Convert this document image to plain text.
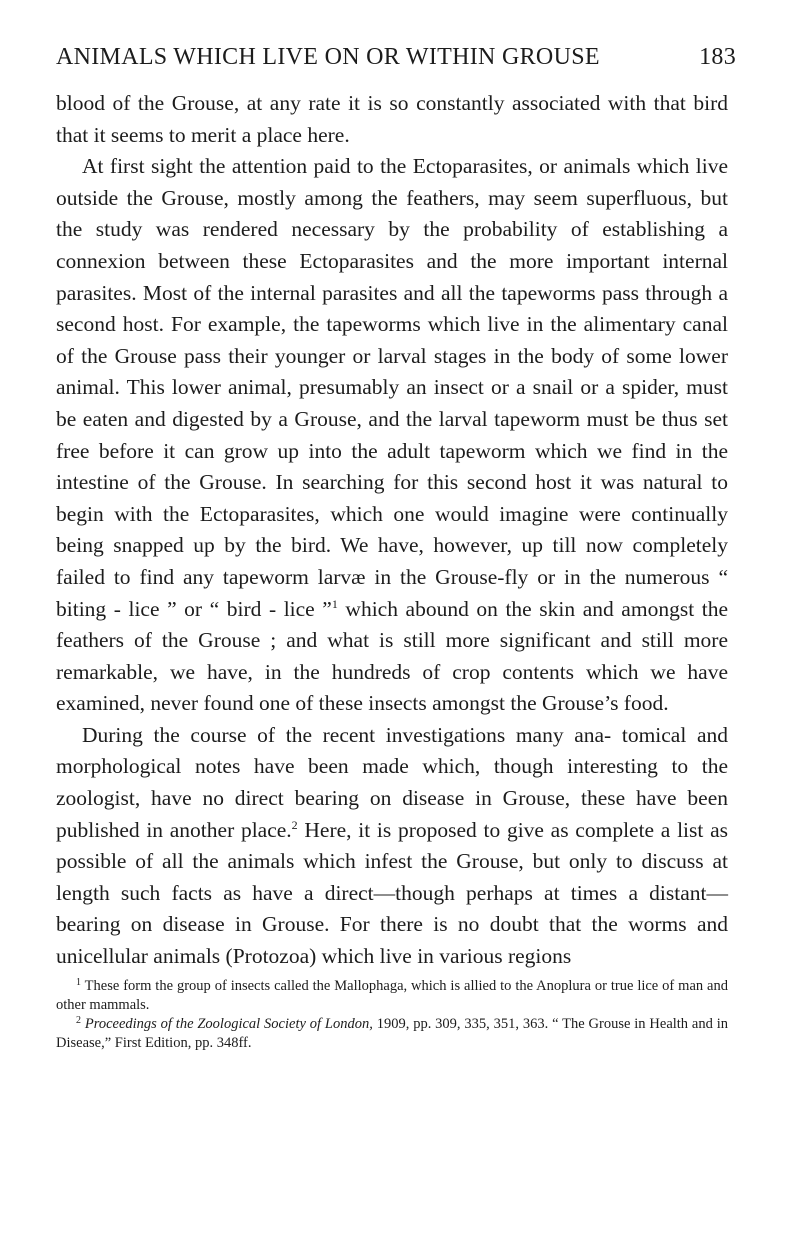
ANIMALS WHICH LIVE ON OR WITHIN GROUSE	183

blood of the Grouse, at any rate it is so constantly associated with that bird that it seems to merit a place here.

At first sight the attention paid to the Ectoparasites, or animals which live outside the Grouse, mostly among the feathers, may seem superfluous, but the study was rendered necessary by the probability of establishing a connexion between these Ectoparasites and the more important internal parasites. Most of the internal parasites and all the tapeworms pass through a second host. For example, the tapeworms which live in the alimentary canal of the Grouse pass their younger or larval stages in the body of some lower animal. This lower animal, presumably an insect or a snail or a spider, must be eaten and digested by a Grouse, and the larval tapeworm must be thus set free before it can grow up into the adult tapeworm which we find in the intestine of the Grouse. In searching for this second host it was natural to begin with the Ectoparasites, which one would imagine were continually being snapped up by the bird. We have, however, up till now completely failed to find any tapeworm larvæ in the Grouse-fly or in the numerous “ biting - lice ” or “ bird - lice ”$^1$ which abound on the skin and amongst the feathers of the Grouse ; and what is still more significant and still more remarkable, we have, in the hundreds of crop contents which we have examined, never found one of these insects amongst the Grouse’s food.

During the course of the recent investigations many ana- tomical and morphological notes have been made which, though interesting to the zoologist, have no direct bearing on disease in Grouse, these have been published in another place.$^2$ Here, it is proposed to give as complete a list as possible of all the animals which infest the Grouse, but only to discuss at length such facts as have a direct—though perhaps at times a distant—bearing on disease in Grouse. For there is no doubt that the worms and unicellular animals (Protozoa) which live in various regions

$^1$ These form the group of insects called the Mallophaga, which is allied to the Anoplura or true lice of man and other mammals.

$^2$ Proceedings of the Zoological Society of London, 1909, pp. 309, 335, 351, 363. “ The Grouse in Health and in Disease,” First Edition, pp. 348ff.
